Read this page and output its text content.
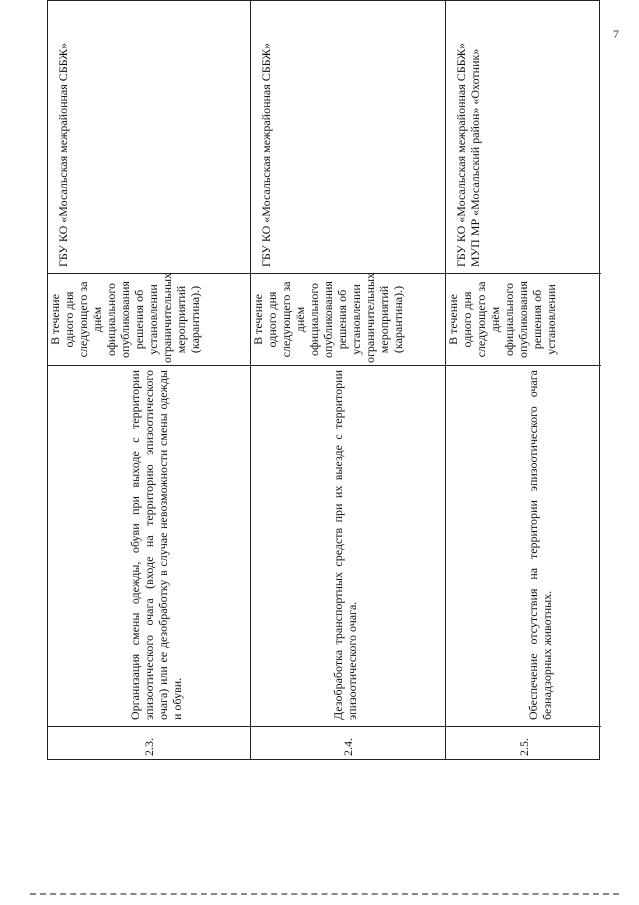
7
2.3.
Организация смены одежды, обуви при выходе с территории эпизоотического очага (входе на территорию эпизоотического очага) или ее дезобработку в случае невозможности смены одежды и обуви.
В течение одного дня следующего за днём официального опубликования решения об установлении ограничительных мероприятий (карантина).)
ГБУ КО «Мосальская межрайонная СББЖ»
2.4.
Дезобработка транспортных средств при их выезде с территории эпизоотического очага.
В течение одного дня следующего за днём официального опубликования решения об установлении ограничительных мероприятий (карантина).)
ГБУ КО «Мосальская межрайонная СББЖ»
2.5.
Обеспечение отсутствия на территории эпизоотического очага безнадзорных животных.
В течение одного дня следующего за днём официального опубликования решения об установлении
ГБУ КО «Мосальская межрайонная СББЖ» МУП МР «Мосальский район» «Охотник»
